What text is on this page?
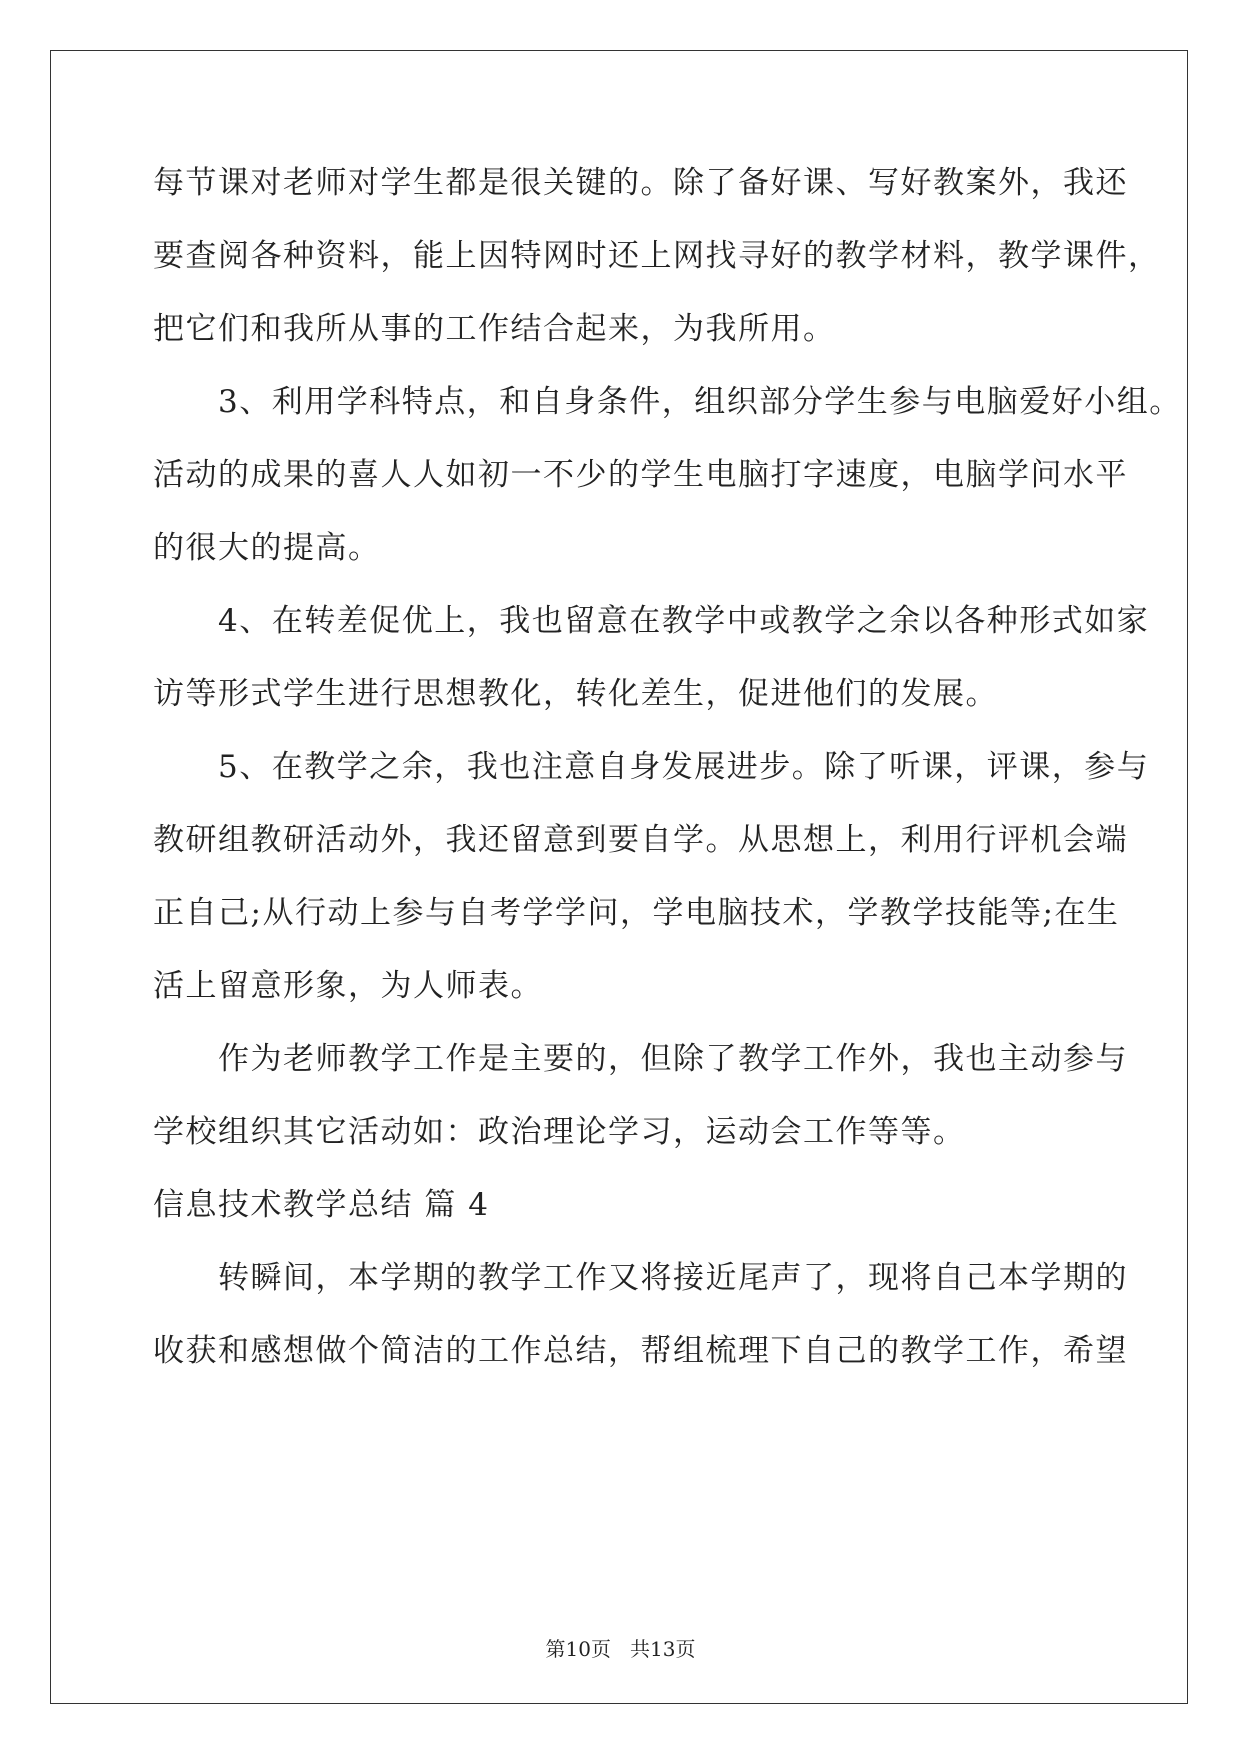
每节课对老师对学生都是很关键的。除了备好课、写好教案外，我还
要查阅各种资料，能上因特网时还上网找寻好的教学材料，教学课件，
把它们和我所从事的工作结合起来，为我所用。
　　3、利用学科特点，和自身条件，组织部分学生参与电脑爱好小组。
活动的成果的喜人人如初一不少的学生电脑打字速度，电脑学问水平
的很大的提高。
　　4、在转差促优上，我也留意在教学中或教学之余以各种形式如家
访等形式学生进行思想教化，转化差生，促进他们的发展。
　　5、在教学之余，我也注意自身发展进步。除了听课，评课，参与
教研组教研活动外，我还留意到要自学。从思想上，利用行评机会端
正自己;从行动上参与自考学学问，学电脑技术，学教学技能等;在生
活上留意形象，为人师表。
　　作为老师教学工作是主要的，但除了教学工作外，我也主动参与
学校组织其它活动如：政治理论学习，运动会工作等等。
信息技术教学总结 篇 4
　　转瞬间，本学期的教学工作又将接近尾声了，现将自己本学期的
收获和感想做个简洁的工作总结，帮组梳理下自己的教学工作，希望
第10页   共13页
